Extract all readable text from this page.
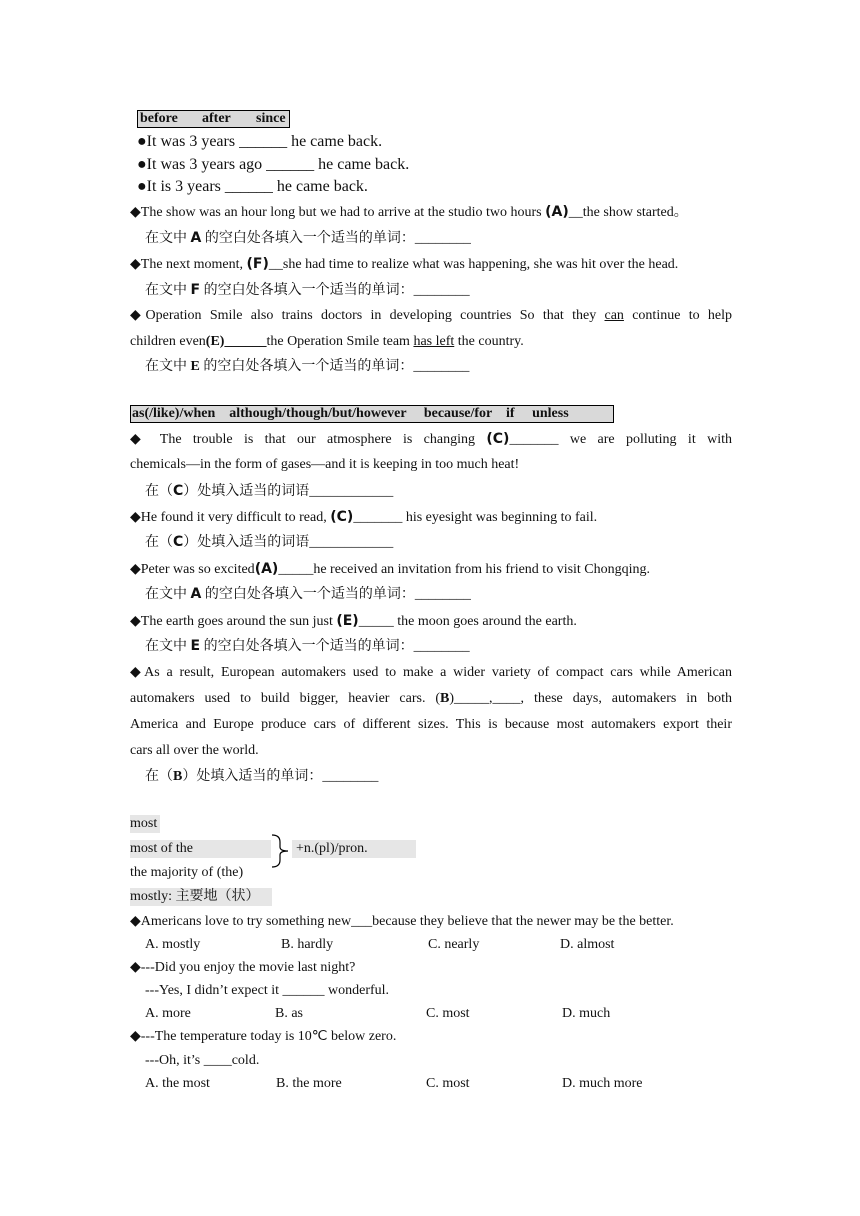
before after since
●It was 3 years ______ he came back.
●It was 3 years ago ______ he came back.
●It is 3 years ______ he came back.
◆The show was an hour long but we had to arrive at the studio two hours (A)__the show started。
在文中 A 的空白处各填入一个适当的单词：________
◆The next moment, (F)__she had time to realize what was happening, she was hit over the head.
在文中 F 的空白处各填入一个适当的单词：________
◆Operation Smile also trains doctors in developing countries So that they can continue to help
children even(E)______the Operation Smile team has left the country.
在文中 E 的空白处各填入一个适当的单词：________
as(/like)/when    although/though/but/however     because/for    if     unless
◆ The trouble is that our atmosphere is changing (C)_______ we are polluting it with
chemicals—in the form of gases—and it is keeping in too much heat!
在（C）处填入适当的词语____________
◆He found it very difficult to read, (C)_______ his eyesight was beginning to fail.
在（C）处填入适当的词语____________
◆Peter was so excited(A)_____he received an invitation from his friend to visit Chongqing.
在文中 A 的空白处各填入一个适当的单词：________
◆The earth goes around the sun just (E)_____ the moon goes around the earth.
在文中 E 的空白处各填入一个适当的单词：________
◆As a result, European automakers used to make a wider variety of compact cars while American
automakers used to build bigger, heavier cars. (B)_____,____, these days, automakers in both
America and Europe produce cars of different sizes. This is because most automakers export their
cars all over the world.
在（B）处填入适当的单词：________
most
most of the
the majority of (the)
mostly: 主要地（状）
+n.(pl)/pron.
◆Americans love to try something new___because they believe that the newer may be the better.
A. mostly	B. hardly	C. nearly	D. almost
◆---Did you enjoy the movie last night?
---Yes, I didn’t expect it ______ wonderful.
A. more	B. as	C. most	D. much
◆---The temperature today is 10℃ below zero.
---Oh, it’s ____cold.
A. the most	B. the more	C. most	D. much more
